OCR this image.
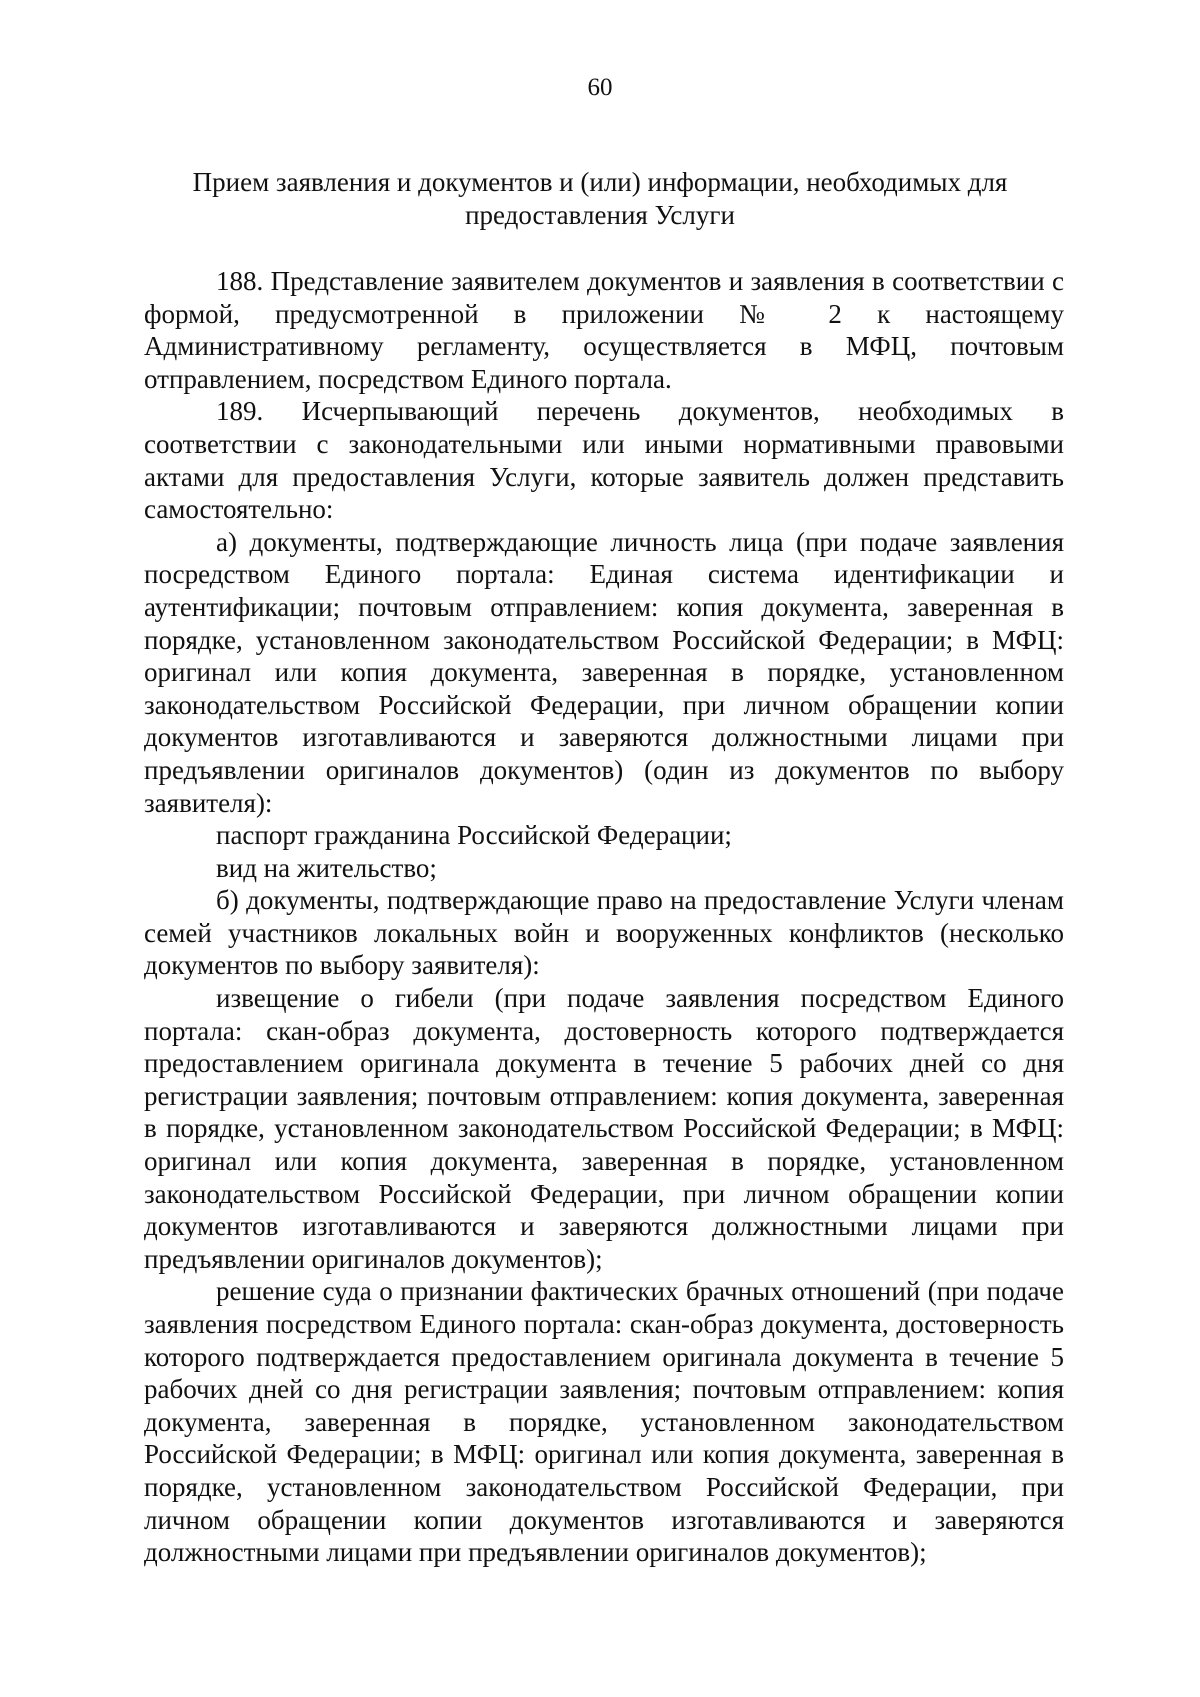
60
Прием заявления и документов и (или) информации, необходимых для
предоставления Услуги

188. Представление заявителем документов и заявления в соответствии с формой, предусмотренной в приложении № 2 к настоящему Административному регламенту, осуществляется в МФЦ, почтовым отправлением, посредством Единого портала.

189. Исчерпывающий перечень документов, необходимых в соответствии с законодательными или иными нормативными правовыми актами для предоставления Услуги, которые заявитель должен представить самостоятельно:

а) документы, подтверждающие личность лица (при подаче заявления посредством Единого портала: Единая система идентификации и аутентификации; почтовым отправлением: копия документа, заверенная в порядке, установленном законодательством Российской Федерации; в МФЦ: оригинал или копия документа, заверенная в порядке, установленном законодательством Российской Федерации, при личном обращении копии документов изготавливаются и заверяются должностными лицами при предъявлении оригиналов документов) (один из документов по выбору заявителя):

паспорт гражданина Российской Федерации;

вид на жительство;

б) документы, подтверждающие право на предоставление Услуги членам семей участников локальных войн и вооруженных конфликтов (несколько документов по выбору заявителя):

извещение о гибели (при подаче заявления посредством Единого портала: скан-образ документа, достоверность которого подтверждается предоставлением оригинала документа в течение 5 рабочих дней со дня регистрации заявления; почтовым отправлением: копия документа, заверенная в порядке, установленном законодательством Российской Федерации; в МФЦ: оригинал или копия документа, заверенная в порядке, установленном законодательством Российской Федерации, при личном обращении копии документов изготавливаются и заверяются должностными лицами при предъявлении оригиналов документов);

решение суда о признании фактических брачных отношений (при подаче заявления посредством Единого портала: скан-образ документа, достоверность которого подтверждается предоставлением оригинала документа в течение 5 рабочих дней со дня регистрации заявления; почтовым отправлением: копия документа, заверенная в порядке, установленном законодательством Российской Федерации; в МФЦ: оригинал или копия документа, заверенная в порядке, установленном законодательством Российской Федерации, при личном обращении копии документов изготавливаются и заверяются должностными лицами при предъявлении оригиналов документов);
